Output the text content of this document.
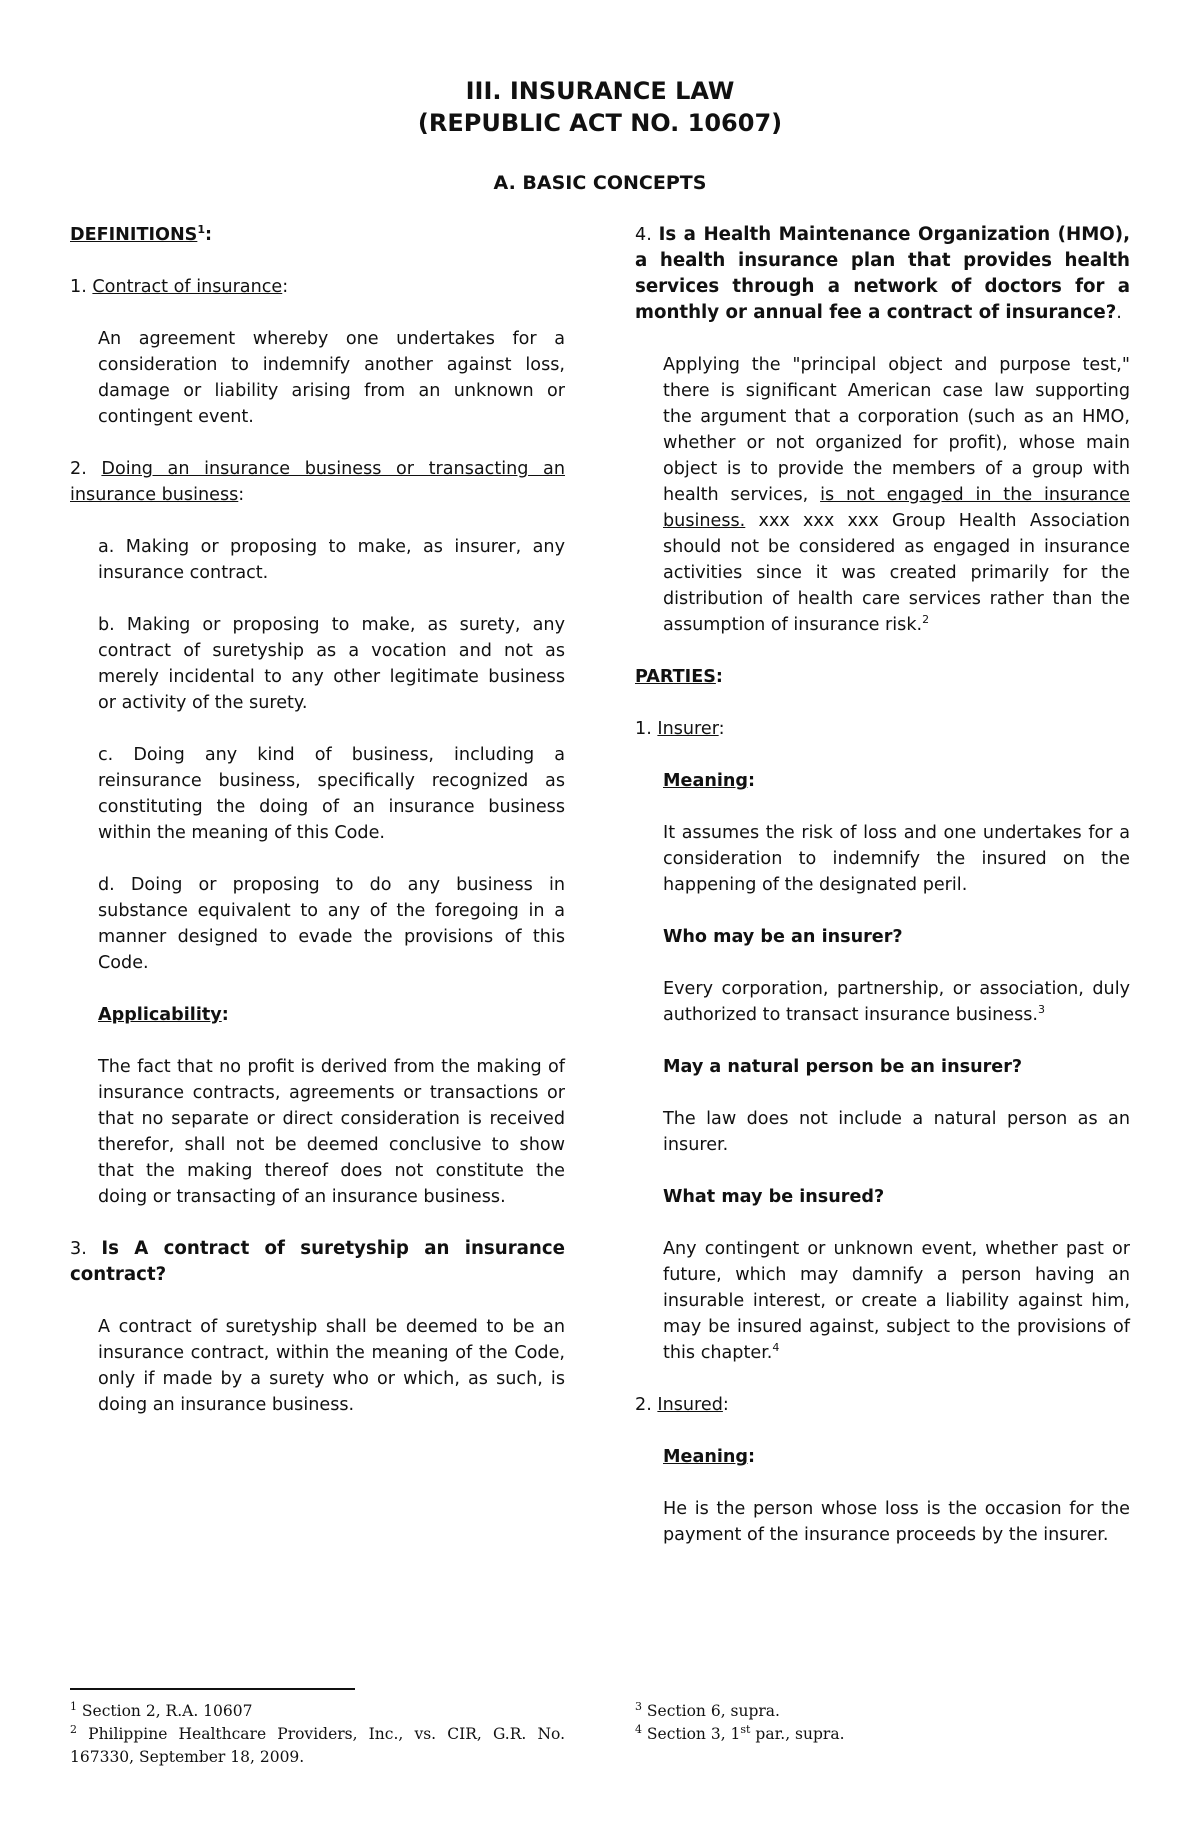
III. INSURANCE LAW
(REPUBLIC ACT NO. 10607)
A. BASIC CONCEPTS

DEFINITIONS$^1$:

1. Contract of insurance:

An agreement whereby one undertakes for a consideration to indemnify another against loss, damage or liability arising from an unknown or contingent event.

2. Doing an insurance business or transacting an insurance business:

a. Making or proposing to make, as insurer, any insurance contract.

b. Making or proposing to make, as surety, any contract of suretyship as a vocation and not as merely incidental to any other legitimate business or activity of the surety.

c. Doing any kind of business, including a reinsurance business, specifically recognized as constituting the doing of an insurance business within the meaning of this Code.

d. Doing or proposing to do any business in substance equivalent to any of the foregoing in a manner designed to evade the provisions of this Code.

Applicability:

The fact that no profit is derived from the making of insurance contracts, agreements or transactions or that no separate or direct consideration is received therefor, shall not be deemed conclusive to show that the making thereof does not constitute the doing or transacting of an insurance business.

3. Is A contract of suretyship an insurance contract?

A contract of suretyship shall be deemed to be an insurance contract, within the meaning of the Code, only if made by a surety who or which, as such, is doing an insurance business.

4. Is a Health Maintenance Organization (HMO), a health insurance plan that provides health services through a network of doctors for a monthly or annual fee a contract of insurance?.

Applying the "principal object and purpose test," there is significant American case law supporting the argument that a corporation (such as an HMO, whether or not organized for profit), whose main object is to provide the members of a group with health services, is not engaged in the insurance business. xxx xxx xxx Group Health Association should not be considered as engaged in insurance activities since it was created primarily for the distribution of health care services rather than the assumption of insurance risk.$^2$

PARTIES:

1. Insurer:

Meaning:

It assumes the risk of loss and one undertakes for a consideration to indemnify the insured on the happening of the designated peril.

Who may be an insurer?

Every corporation, partnership, or association, duly authorized to transact insurance business.$^3$

May a natural person be an insurer?

The law does not include a natural person as an insurer.

What may be insured?

Any contingent or unknown event, whether past or future, which may damnify a person having an insurable interest, or create a liability against him, may be insured against, subject to the provisions of this chapter.$^4$

2. Insured:

Meaning:

He is the person whose loss is the occasion for the payment of the insurance proceeds by the insurer.

$^1$ Section 2, R.A. 10607
$^2$ Philippine Healthcare Providers, Inc., vs. CIR, G.R. No. 167330, September 18, 2009.
$^3$ Section 6, supra.
$^4$ Section 3, 1st par., supra.
